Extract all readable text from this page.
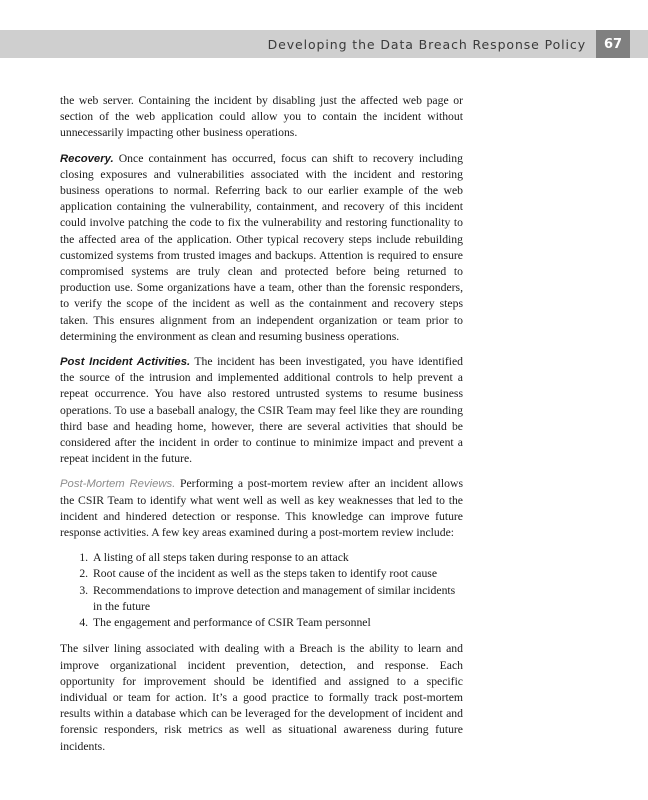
Developing the Data Breach Response Policy	67

the web server. Containing the incident by disabling just the affected web page or section of the web application could allow you to contain the incident without unnecessarily impacting other business operations.

Recovery. Once containment has occurred, focus can shift to recovery including closing exposures and vulnerabilities associated with the incident and restoring business operations to normal. Referring back to our earlier example of the web application containing the vulnerability, containment, and recovery of this incident could involve patching the code to fix the vulnerability and restoring functionality to the affected area of the application. Other typical recovery steps include rebuilding customized systems from trusted images and backups. Attention is required to ensure compromised systems are truly clean and protected before being returned to production use. Some organizations have a team, other than the forensic responders, to verify the scope of the incident as well as the containment and recovery steps taken. This ensures alignment from an independent organization or team prior to determining the environment as clean and resuming business operations.

Post Incident Activities. The incident has been investigated, you have identified the source of the intrusion and implemented additional controls to help prevent a repeat occurrence. You have also restored untrusted systems to resume business operations. To use a baseball analogy, the CSIR Team may feel like they are rounding third base and heading home, however, there are several activities that should be considered after the incident in order to continue to minimize impact and prevent a repeat incident in the future.

Post-Mortem Reviews. Performing a post-mortem review after an incident allows the CSIR Team to identify what went well as well as key weaknesses that led to the incident and hindered detection or response. This knowledge can improve future response activities. A few key areas examined during a post-mortem review include:

1. A listing of all steps taken during response to an attack
2. Root cause of the incident as well as the steps taken to identify root cause
3. Recommendations to improve detection and management of similar incidents in the future
4. The engagement and performance of CSIR Team personnel

The silver lining associated with dealing with a Breach is the ability to learn and improve organizational incident prevention, detection, and response. Each opportunity for improvement should be identified and assigned to a specific individual or team for action. It’s a good practice to formally track post-mortem results within a database which can be leveraged for the development of incident and forensic responders, risk metrics as well as situational awareness during future incidents.
